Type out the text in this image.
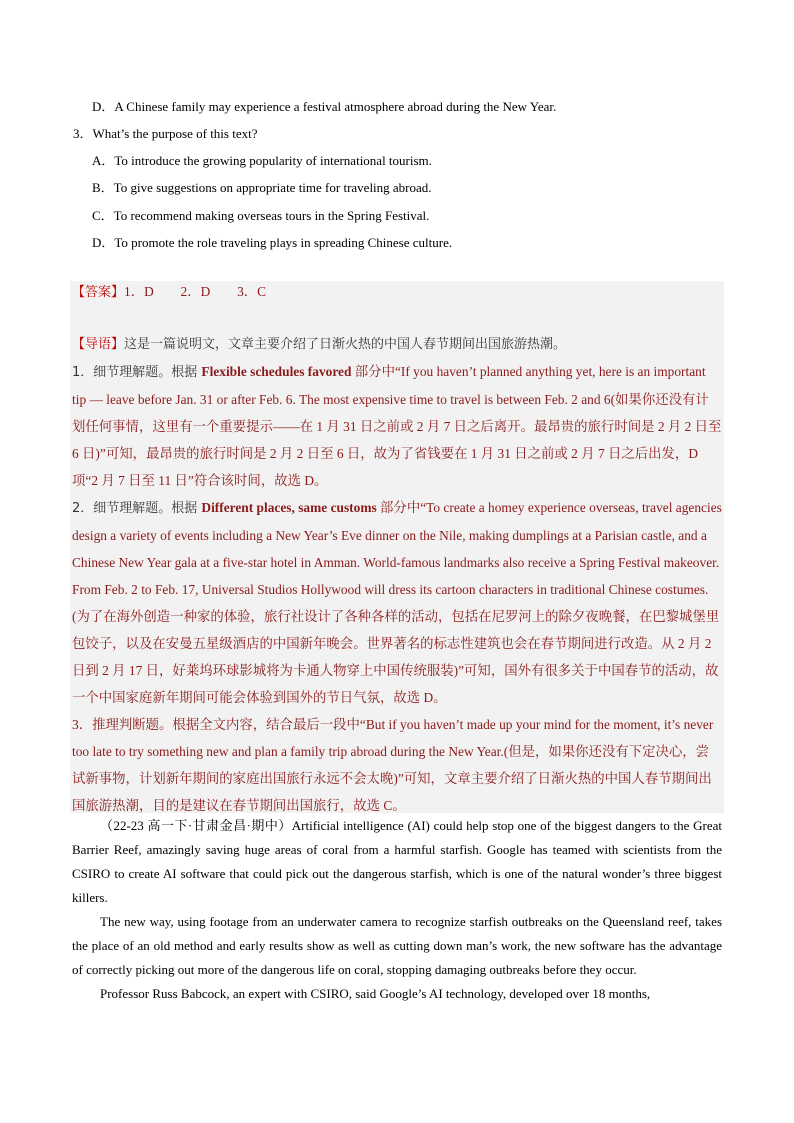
D．A Chinese family may experience a festival atmosphere abroad during the New Year.
3．What’s the purpose of this text?
A．To introduce the growing popularity of international tourism.
B．To give suggestions on appropriate time for traveling abroad.
C．To recommend making overseas tours in the Spring Festival.
D．To promote the role traveling plays in spreading Chinese culture.
【答案】1．D　　2．D　　3．C

【导语】这是一篇说明文，文章主要介绍了日渐火热的中国人春节期间出国旅游热潮。

1．细节理解题。根据 Flexible schedules favored 部分中“If you haven’t planned anything yet, here is an important tip — leave before Jan. 31 or after Feb. 6. The most expensive time to travel is between Feb. 2 and 6(如果你还没有计划任何事情，这里有一个重要提示——在 1 月 31 日之前或 2 月 7 日之后离开。最昂贵的旅行时间是 2 月 2 日至 6 日)”可知，最昂贵的旅行时间是 2 月 2 日至 6 日，故为了省钱要在 1 月 31 日之前或 2 月 7 日之后出发，D 项“2 月 7 日至 11 日”符合该时间，故选 D。

2．细节理解题。根据 Different places, same customs 部分中“To create a homey experience overseas, travel agencies design a variety of events including a New Year’s Eve dinner on the Nile, making dumplings at a Parisian castle, and a Chinese New Year gala at a five-star hotel in Amman. World-famous landmarks also receive a Spring Festival makeover. From Feb. 2 to Feb. 17, Universal Studios Hollywood will dress its cartoon characters in traditional Chinese costumes.(为了在海外创造一种家的体验，旅行社设计了各种各样的活动，包括在尼罗河上的除夕夜晚餐，在巴黎城堡里包饺子，以及在安曼五星级酒店的中国新年晚会。世界著名的标志性建筑也会在春节期间进行改造。从 2 月 2 日到 2 月 17 日，好莱坞环球影城将为卡通人物穿上中国传统服装)”可知，国外有很多关于中国春节的活动，故一个中国家庭新年期间可能会体验到国外的节日气氛，故选 D。

3．推理判断题。根据全文内容，结合最后一段中“But if you haven’t made up your mind for the moment, it’s never too late to try something new and plan a family trip abroad during the New Year.(但是，如果你还没有下定决心，尝试新事物，计划新年期间的家庭出国旅行永远不会太晚)”可知，文章主要介绍了日渐火热的中国人春节期间出国旅游热潮，目的是建议在春节期间出国旅行，故选 C。

（22-23 高一下·甘肃金昌·期中）Artificial intelligence (AI) could help stop one of the biggest dangers to the Great Barrier Reef, amazingly saving huge areas of coral from a harmful starfish. Google has teamed with scientists from the CSIRO to create AI software that could pick out the dangerous starfish, which is one of the natural wonder’s three biggest killers.

The new way, using footage from an underwater camera to recognize starfish outbreaks on the Queensland reef, takes the place of an old method and early results show as well as cutting down man’s work, the new software has the advantage of correctly picking out more of the dangerous life on coral, stopping damaging outbreaks before they occur.

Professor Russ Babcock, an expert with CSIRO, said Google’s AI technology, developed over 18 months,
